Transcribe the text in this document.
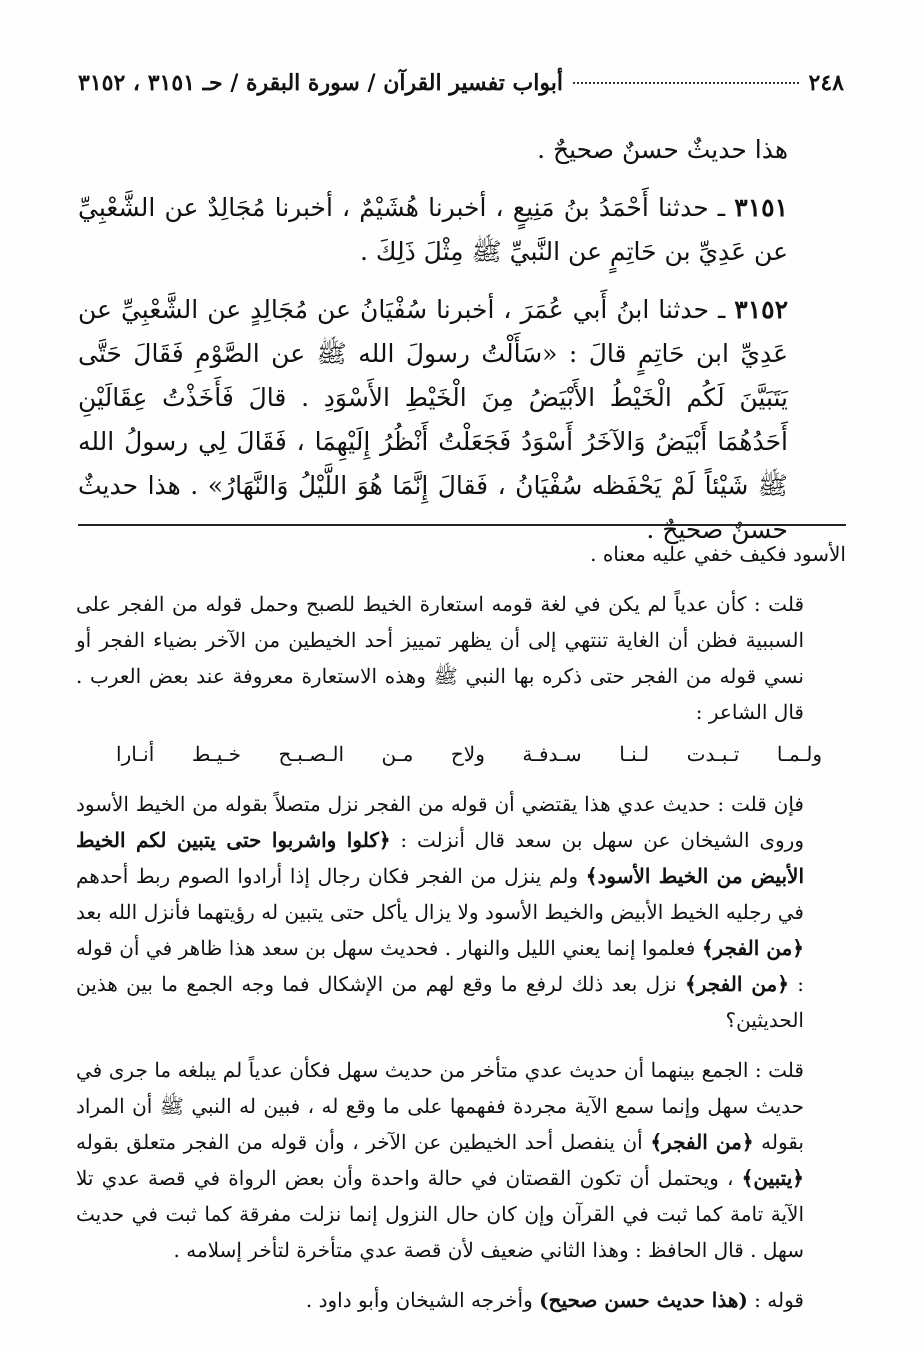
٢٤٨
أبواب تفسير القرآن / سورة البقرة / حـ ٣١٥١ ، ٣١٥٢

هذا حديثٌ حسنٌ صحيحٌ .

٣١٥١ ـ حدثنا أَحْمَدُ بنُ مَنِيعٍ ، أخبرنا هُشَيْمٌ ، أخبرنا مُجَالِدٌ عن الشَّعْبِيِّ عن عَدِيِّ بن حَاتِمٍ عن النَّبيِّ ﷺ مِثْلَ ذَلِكَ .

٣١٥٢ ـ حدثنا ابنُ أَبي عُمَرَ ، أخبرنا سُفْيَانُ عن مُجَالِدٍ عن الشَّعْبِيِّ عن عَدِيِّ ابن حَاتِمٍ قالَ : «سَأَلْتُ رسولَ الله ﷺ عن الصَّوْمِ فَقَالَ حَتَّى يَتَبَيَّنَ لَكُم الْخَيْطُ الأَبْيَضُ مِنَ الْخَيْطِ الأَسْوَدِ . قالَ فَأَخَذْتُ عِقَالَيْنِ أَحَدُهُمَا أَبْيَضُ وَالآخَرُ أَسْوَدُ فَجَعَلْتُ أَنْظُرُ إِلَيْهِمَا ، فَقَالَ لِي رسولُ الله ﷺ شَيْئاً لَمْ يَحْفَظه سُفْيَانُ ، فَقالَ إِنَّمَا هُوَ اللَّيْلُ وَالنَّهَارُ» . هذا حديثٌ حسنٌ صحيحٌ .

الأسود فكيف خفي عليه معناه .

قلت : كأن عدياً لم يكن في لغة قومه استعارة الخيط للصبح وحمل قوله من الفجر على السببية فظن أن الغاية تنتهي إلى أن يظهر تمييز أحد الخيطين من الآخر بضياء الفجر أو نسي قوله من الفجر حتى ذكره بها النبي ﷺ وهذه الاستعارة معروفة عند بعض العرب . قال الشاعر :

ولـمـا
تـبـدت
لـنـا
سـدفـة
ولاح
مـن
الـصـبـح
خـيـط
أنـارا

فإن قلت : حديث عدي هذا يقتضي أن قوله من الفجر نزل متصلاً بقوله من الخيط الأسود وروى الشيخان عن سهل بن سعد قال أنزلت : ﴿كلوا واشربوا حتى يتبين لكم الخيط الأبيض من الخيط الأسود﴾ ولم ينزل من الفجر فكان رجال إذا أرادوا الصوم ربط أحدهم في رجليه الخيط الأبيض والخيط الأسود ولا يزال يأكل حتى يتبين له رؤيتهما فأنزل الله بعد ﴿من الفجر﴾ فعلموا إنما يعني الليل والنهار . فحديث سهل بن سعد هذا ظاهر في أن قوله : ﴿من الفجر﴾ نزل بعد ذلك لرفع ما وقع لهم من الإشكال فما وجه الجمع ما بين هذين الحديثين؟

قلت : الجمع بينهما أن حديث عدي متأخر من حديث سهل فكأن عدياً لم يبلغه ما جرى في حديث سهل وإنما سمع الآية مجردة ففهمها على ما وقع له ، فبين له النبي ﷺ أن المراد بقوله ﴿من الفجر﴾ أن ينفصل أحد الخيطين عن الآخر ، وأن قوله من الفجر متعلق بقوله ﴿يتبين﴾ ، ويحتمل أن تكون القصتان في حالة واحدة وأن بعض الرواة في قصة عدي تلا الآية تامة كما ثبت في القرآن وإن كان حال النزول إنما نزلت مفرقة كما ثبت في حديث سهل . قال الحافظ : وهذا الثاني ضعيف لأن قصة عدي متأخرة لتأخر إسلامه .

قوله : (هذا حديث حسن صحيح) وأخرجه الشيخان وأبو داود .
